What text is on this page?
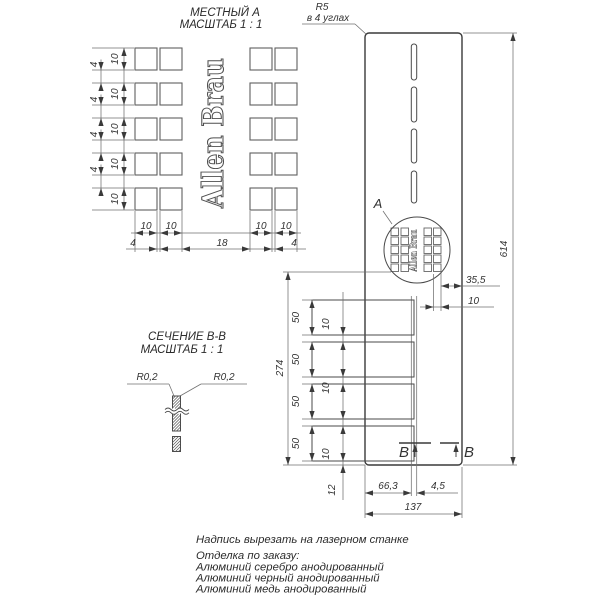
МЕСТНЫЙ А
МАСШТАБ 1 : 1
Allen Brau
10
10
10
10
10
4
4
4
4
10 10	10 10
4	18	4
R5
в 4 углах
А
Allen Brau	614
35,5
10
274
12
В	В
66,3	4,5
137
50
50
50
50
10
10
10
СЕЧЕНИЕ В-В
МАСШТАБ 1 : 1
R0,2	R0,2
Надпись вырезать на лазерном станке
Отделка по заказу:
Алюминий серебро анодированный
Алюминий черный анодированный
Алюминий медь анодированный
